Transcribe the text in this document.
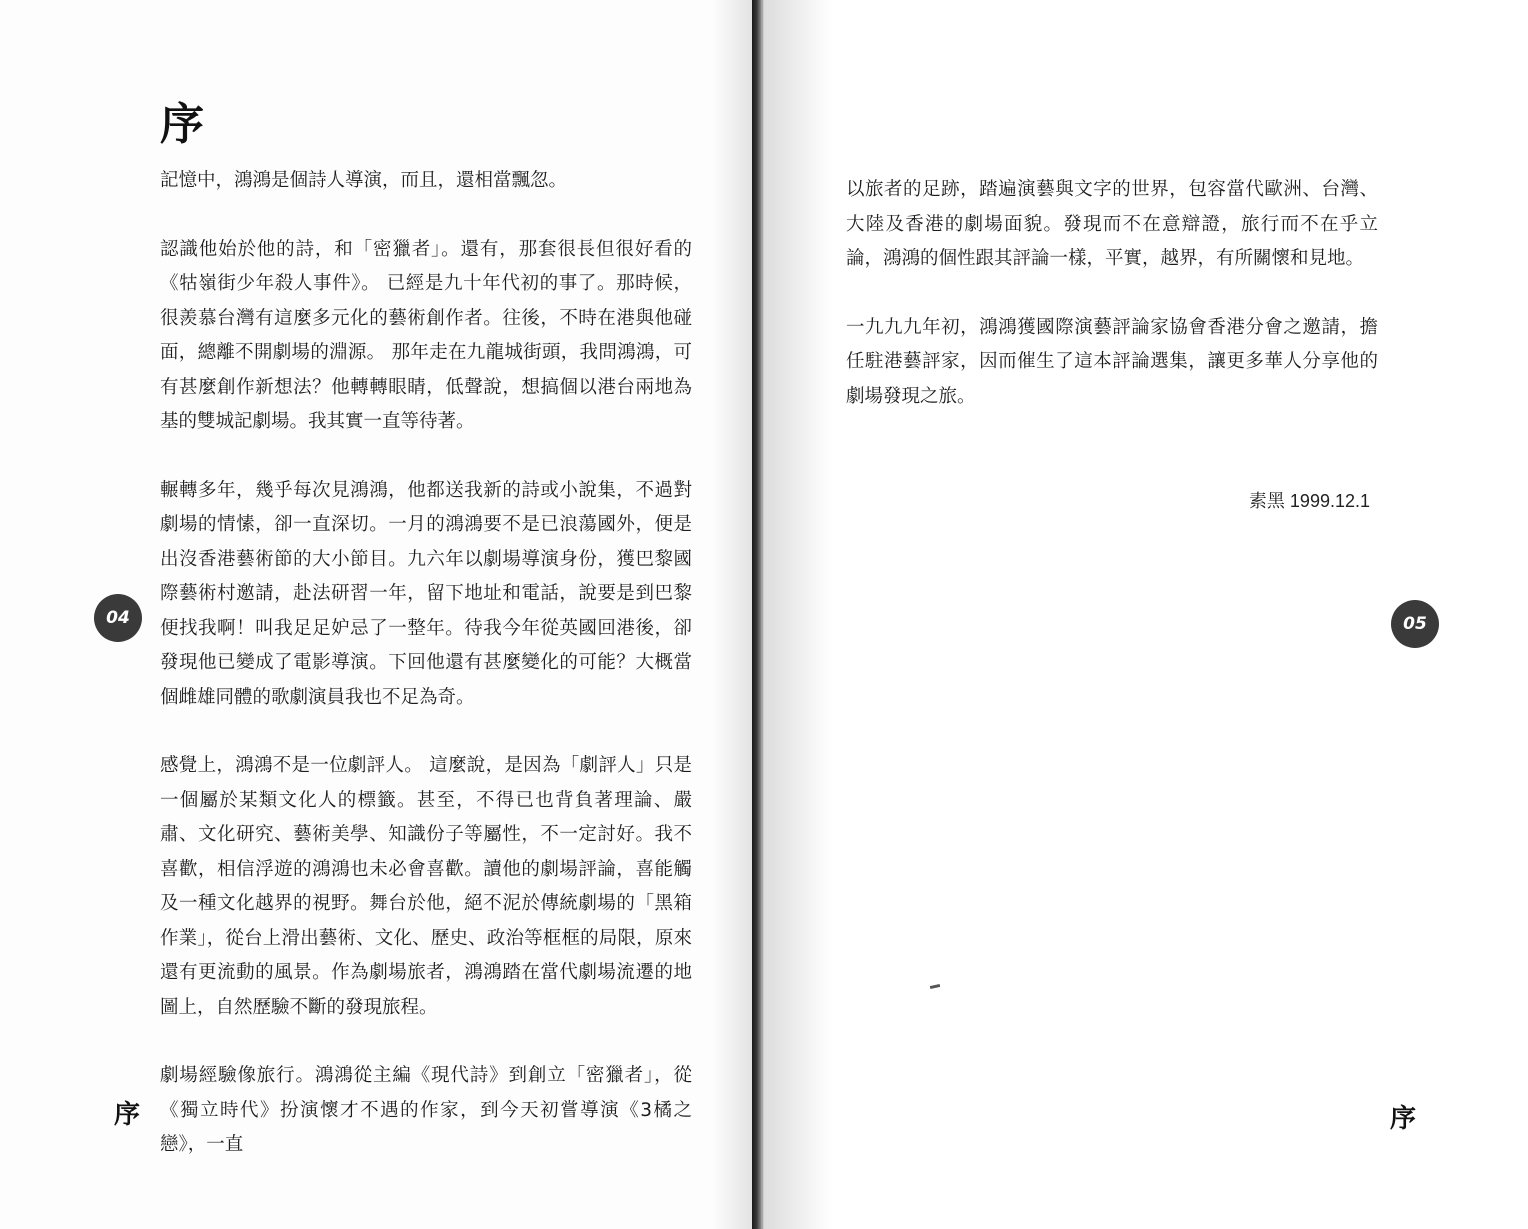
序

記憶中，鴻鴻是個詩人導演，而且，還相當飄忽。

認識他始於他的詩，和「密獵者」。還有，那套很長但很好看的《牯嶺街少年殺人事件》。 已經是九十年代初的事了。那時候，很羨慕台灣有這麼多元化的藝術創作者。往後，不時在港與他碰面，總離不開劇場的淵源。 那年走在九龍城街頭，我問鴻鴻，可有甚麼創作新想法？他轉轉眼睛，低聲說，想搞個以港台兩地為基的雙城記劇場。我其實一直等待著。

輾轉多年，幾乎每次見鴻鴻，他都送我新的詩或小說集，不過對劇場的情愫，卻一直深切。一月的鴻鴻要不是已浪蕩國外，便是出沒香港藝術節的大小節目。九六年以劇場導演身份，獲巴黎國際藝術村邀請，赴法研習一年，留下地址和電話，說要是到巴黎便找我啊！叫我足足妒忌了一整年。待我今年從英國回港後，卻發現他已變成了電影導演。下回他還有甚麼變化的可能？大概當個雌雄同體的歌劇演員我也不足為奇。

感覺上，鴻鴻不是一位劇評人。 這麼說，是因為「劇評人」只是一個屬於某類文化人的標籤。甚至，不得已也背負著理論、嚴肅、文化研究、藝術美學、知識份子等屬性，不一定討好。我不喜歡，相信浮遊的鴻鴻也未必會喜歡。讀他的劇場評論，喜能觸及一種文化越界的視野。舞台於他，絕不泥於傳統劇場的「黑箱作業」，從台上滑出藝術、文化、歷史、政治等框框的局限，原來還有更流動的風景。作為劇場旅者，鴻鴻踏在當代劇場流遷的地圖上，自然歷驗不斷的發現旅程。

劇場經驗像旅行。鴻鴻從主編《現代詩》到創立「密獵者」，從《獨立時代》扮演懷才不遇的作家，到今天初嘗導演《3橘之戀》，一直

以旅者的足跡，踏遍演藝與文字的世界，包容當代歐洲、台灣、大陸及香港的劇場面貌。發現而不在意辯證，旅行而不在乎立論，鴻鴻的個性跟其評論一樣，平實，越界，有所關懷和見地。

一九九九年初，鴻鴻獲國際演藝評論家協會香港分會之邀請，擔任駐港藝評家，因而催生了這本評論選集，讓更多華人分享他的劇場發現之旅。

素黑 1999.12.1
04	05
序	序
